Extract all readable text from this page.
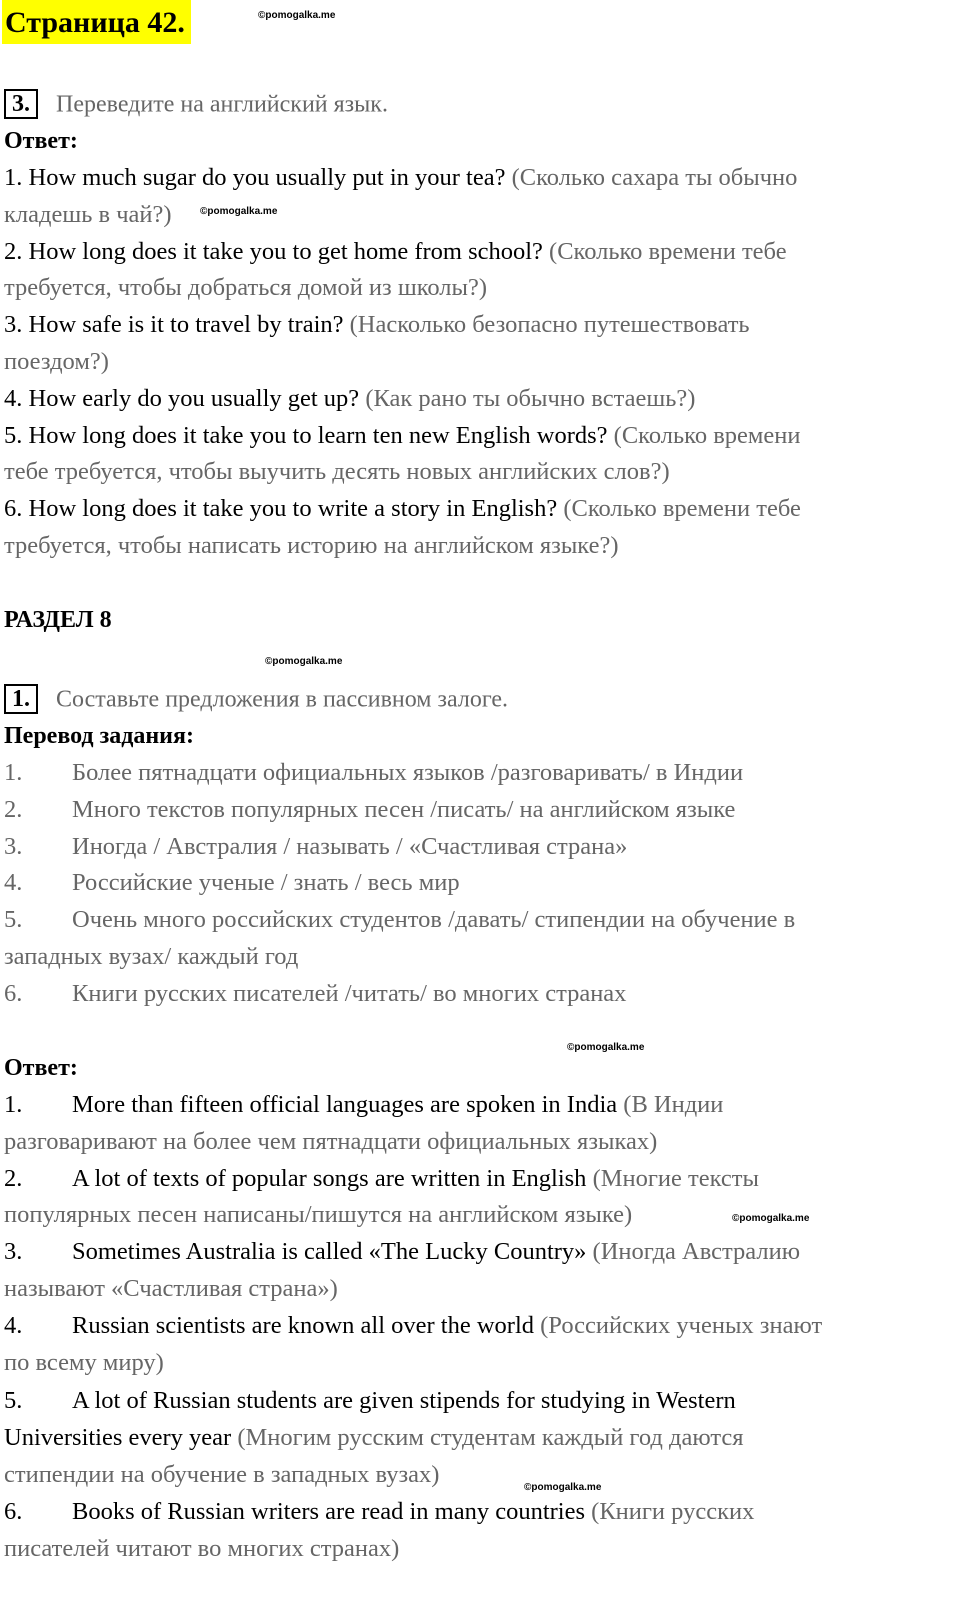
Страница 42.	©pomogalka.me
©pomogalka.me
©pomogalka.me
©pomogalka.me
©pomogalka.me
©pomogalka.me
3. Переведите на английский язык.
Ответ:
1. How much sugar do you usually put in your tea? (Сколько сахара ты обычно
кладешь в чай?)
2. How long does it take you to get home from school? (Сколько времени тебе
требуется, чтобы добраться домой из школы?)
3. How safe is it to travel by train? (Насколько безопасно путешествовать
поездом?)
4. How early do you usually get up? (Как рано ты обычно встаешь?)
5. How long does it take you to learn ten new English words? (Сколько времени
тебе требуется, чтобы выучить десять новых английских слов?)
6. How long does it take you to write a story in English? (Сколько времени тебе
требуется, чтобы написать историю на английском языке?)
РАЗДЕЛ 8
1. Составьте предложения в пассивном залоге.
Перевод задания:
1. Более пятнадцати официальных языков /разговаривать/ в Индии
2. Много текстов популярных песен /писать/ на английском языке
3. Иногда / Австралия / называть / «Счастливая страна»
4. Российские ученые / знать / весь мир
5. Очень много российских студентов /давать/ стипендии на обучение в
западных вузах/ каждый год
6. Книги русских писателей /читать/ во многих странах
Ответ:
1. More than fifteen official languages are spoken in India (В Индии
разговаривают на более чем пятнадцати официальных языках)
2. A lot of texts of popular songs are written in English (Многие тексты
популярных песен написаны/пишутся на английском языке)
3. Sometimes Australia is called «The Lucky Country» (Иногда Австралию
называют «Счастливая страна»)
4. Russian scientists are known all over the world (Российских ученых знают
по всему миру)
5. A lot of Russian students are given stipends for studying in Western
Universities every year (Многим русским студентам каждый год даются
стипендии на обучение в западных вузах)
6. Books of Russian writers are read in many countries (Книги русских
писателей читают во многих странах)
